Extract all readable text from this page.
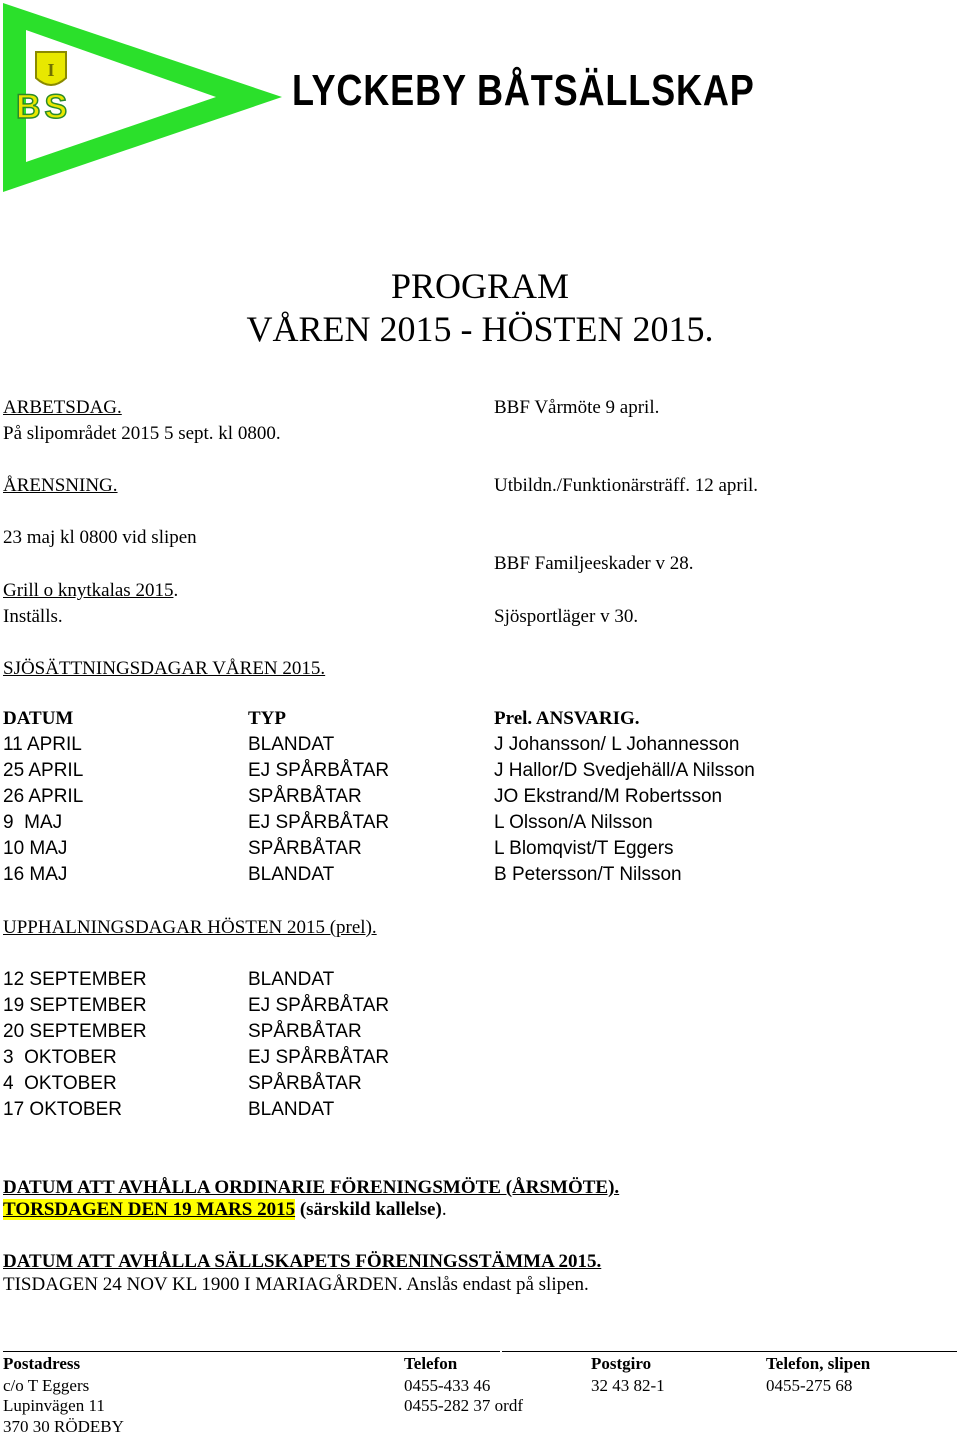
I
BS	LYCKEBY BÅTSÄLLSKAP
PROGRAM
VÅREN 2015 - HÖSTEN 2015.
ARBETSDAG.
På slipområdet 2015 5 sept. kl 0800.
ÅRENSNING.
23 maj kl 0800 vid slipen
Grill o knytkalas 2015.
Inställs.
BBF Vårmöte 9 april.
Utbildn./Funktionärsträff. 12 april.
BBF Familjeeskader v 28.
Sjösportläger v 30.
SJÖSÄTTNINGSDAGAR VÅREN 2015.
DATUM	TYP	Prel. ANSVARIG.
11 APRIL	BLANDAT	J Johansson/ L Johannesson
25 APRIL	EJ SPÅRBÅTAR	J Hallor/D Svedjehäll/A Nilsson
26 APRIL	SPÅRBÅTAR	JO Ekstrand/M Robertsson
9  MAJ	EJ SPÅRBÅTAR	L Olsson/A Nilsson
10 MAJ	SPÅRBÅTAR	L Blomqvist/T Eggers
16 MAJ	BLANDAT	B Petersson/T Nilsson
UPPHALNINGSDAGAR HÖSTEN 2015 (prel).
12 SEPTEMBER	BLANDAT
19 SEPTEMBER	EJ SPÅRBÅTAR
20 SEPTEMBER	SPÅRBÅTAR
3  OKTOBER	EJ SPÅRBÅTAR
4  OKTOBER	SPÅRBÅTAR
17 OKTOBER	BLANDAT
DATUM ATT AVHÅLLA ORDINARIE FÖRENINGSMÖTE (ÅRSMÖTE).
TORSDAGEN DEN 19 MARS 2015 (särskild kallelse).
DATUM ATT AVHÅLLA SÄLLSKAPETS FÖRENINGSSTÄMMA 2015.
TISDAGEN 24 NOV KL 1900 I MARIAGÅRDEN. Anslås endast på slipen.
Postadress
c/o T Eggers
Lupinvägen 11
370 30 RÖDEBY
Telefon
0455-433 46
0455-282 37 ordf
Postgiro
32 43 82-1
Telefon, slipen
0455-275 68
